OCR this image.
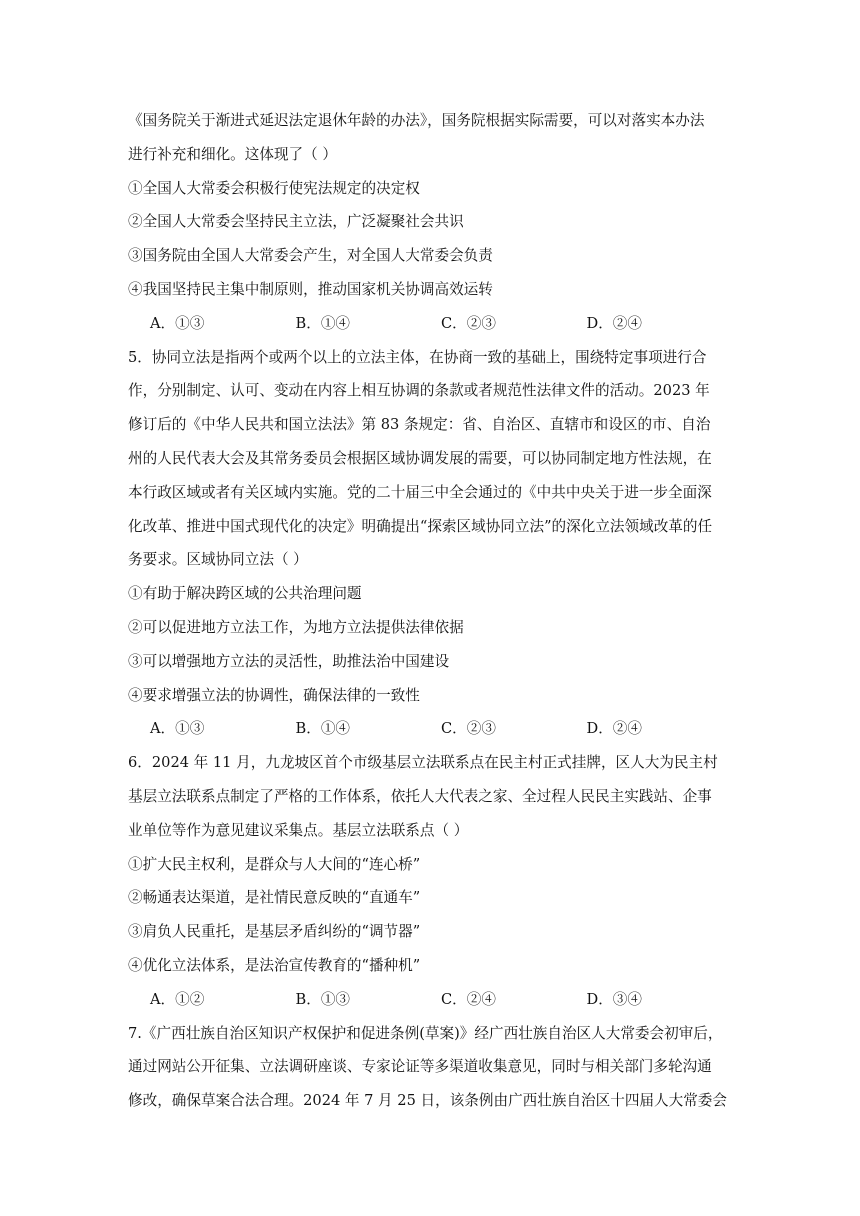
《国务院关于渐进式延迟法定退休年龄的办法》，国务院根据实际需要，可以对落实本办法
进行补充和细化。这体现了（ ）
①全国人大常委会积极行使宪法规定的决定权
②全国人大常委会坚持民主立法，广泛凝聚社会共识
③国务院由全国人大常委会产生，对全国人大常委会负责
④我国坚持民主集中制原则，推动国家机关协调高效运转
A．①③	B．①④	C．②③	D．②④
5．协同立法是指两个或两个以上的立法主体，在协商一致的基础上，围绕特定事项进行合
作，分别制定、认可、变动在内容上相互协调的条款或者规范性法律文件的活动。2023 年
修订后的《中华人民共和国立法法》第 83 条规定：省、自治区、直辖市和设区的市、自治
州的人民代表大会及其常务委员会根据区域协调发展的需要，可以协同制定地方性法规，在
本行政区域或者有关区域内实施。党的二十届三中全会通过的《中共中央关于进一步全面深
化改革、推进中国式现代化的决定》明确提出“探索区域协同立法”的深化立法领域改革的任
务要求。区域协同立法（ ）
①有助于解决跨区域的公共治理问题
②可以促进地方立法工作，为地方立法提供法律依据
③可以增强地方立法的灵活性，助推法治中国建设
④要求增强立法的协调性，确保法律的一致性
A．①③	B．①④	C．②③	D．②④
6．2024 年 11 月，九龙坡区首个市级基层立法联系点在民主村正式挂牌，区人大为民主村
基层立法联系点制定了严格的工作体系，依托人大代表之家、全过程人民民主实践站、企事
业单位等作为意见建议采集点。基层立法联系点（ ）
①扩大民主权利，是群众与人大间的“连心桥”
②畅通表达渠道，是社情民意反映的“直通车”
③肩负人民重托，是基层矛盾纠纷的“调节器”
④优化立法体系，是法治宣传教育的“播种机”
A．①②	B．①③	C．②④	D．③④
7.《广西壮族自治区知识产权保护和促进条例(草案)》经广西壮族自治区人大常委会初审后，
通过网站公开征集、立法调研座谈、专家论证等多渠道收集意见，同时与相关部门多轮沟通
修改，确保草案合法合理。2024 年 7 月 25 日，该条例由广西壮族自治区十四届人大常委会
